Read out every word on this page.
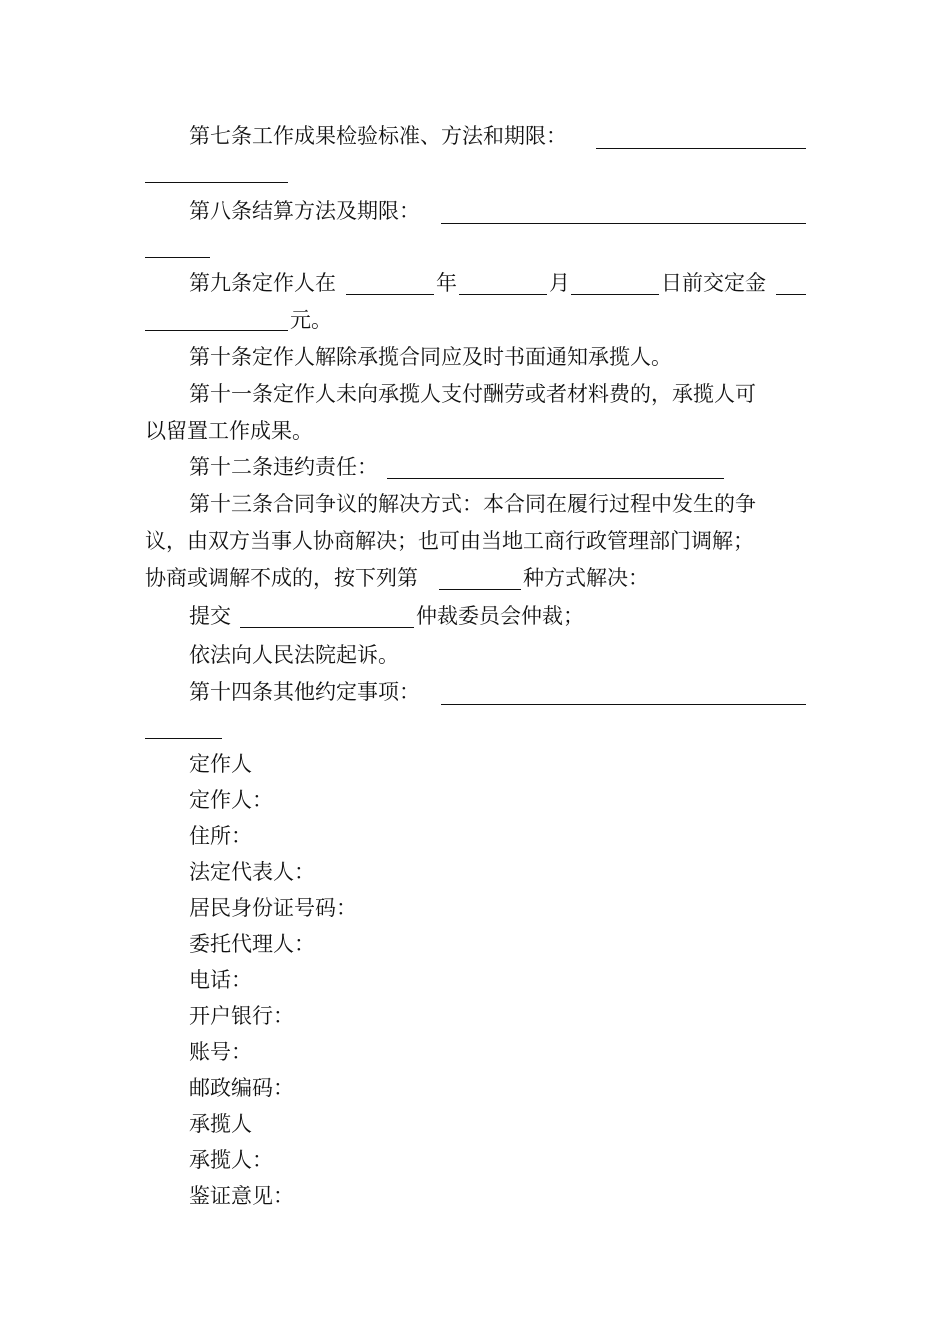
第七条工作成果检验标准、方法和期限：
第八条结算方法及期限：
第九条定作人在	年	月	日前交定金
元。
第十条定作人解除承揽合同应及时书面通知承揽人。
第十一条定作人未向承揽人支付酬劳或者材料费的，承揽人可
以留置工作成果。
第十二条违约责任：
第十三条合同争议的解决方式：本合同在履行过程中发生的争
议，由双方当事人协商解决；也可由当地工商行政管理部门调解；
协商或调解不成的，按下列第	种方式解决：
提交	仲裁委员会仲裁；
依法向人民法院起诉。
第十四条其他约定事项：
定作人
定作人：
住所：
法定代表人：
居民身份证号码：
委托代理人：
电话：
开户银行：
账号：
邮政编码：
承揽人
承揽人：
鉴证意见：
